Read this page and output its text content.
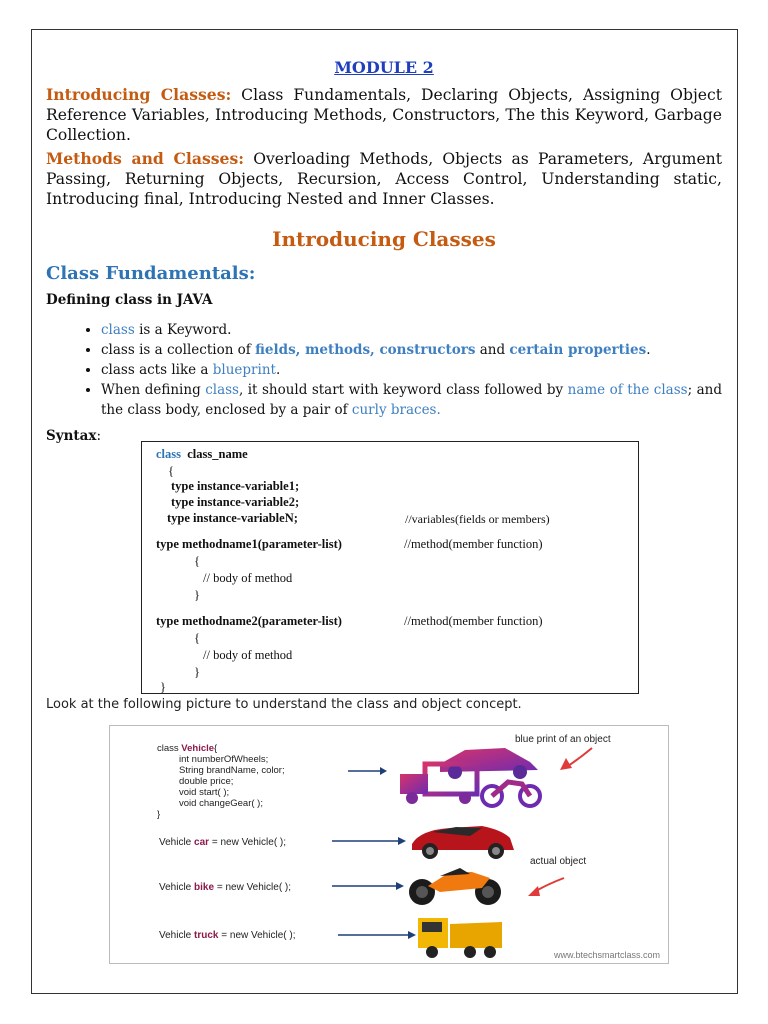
MODULE 2

Introducing Classes: Class Fundamentals, Declaring Objects, Assigning Object Reference Variables, Introducing Methods, Constructors, The this Keyword, Garbage Collection.

Methods and Classes: Overloading Methods, Objects as Parameters, Argument Passing, Returning Objects, Recursion, Access Control, Understanding static, Introducing final, Introducing Nested and Inner Classes.

Introducing Classes
Class Fundamentals:
Defining class in JAVA
• class is a Keyword.
• class is a collection of fields, methods, constructors and certain properties.
• class acts like a blueprint.
• When defining class, it should start with keyword class followed by name of the class; and the class body, enclosed by a pair of curly braces.
Syntax:
class class_name
{
type instance-variable1;
type instance-variable2;
type instance-variableN;	//variables(fields or members)
type methodname1(parameter-list)	//method(member function)
{
// body of method
}
type methodname2(parameter-list)	//method(member function)
{
// body of method
}
}
Look at the following picture to understand the class and object concept.
class Vehicle{
int numberOfWheels;
String brandName, color;
double price;
void start( );
void changeGear( );
}
Vehicle car = new Vehicle( );
Vehicle bike = new Vehicle( );
Vehicle truck = new Vehicle( );
blue print of an object
actual object
www.btechsmartclass.com
